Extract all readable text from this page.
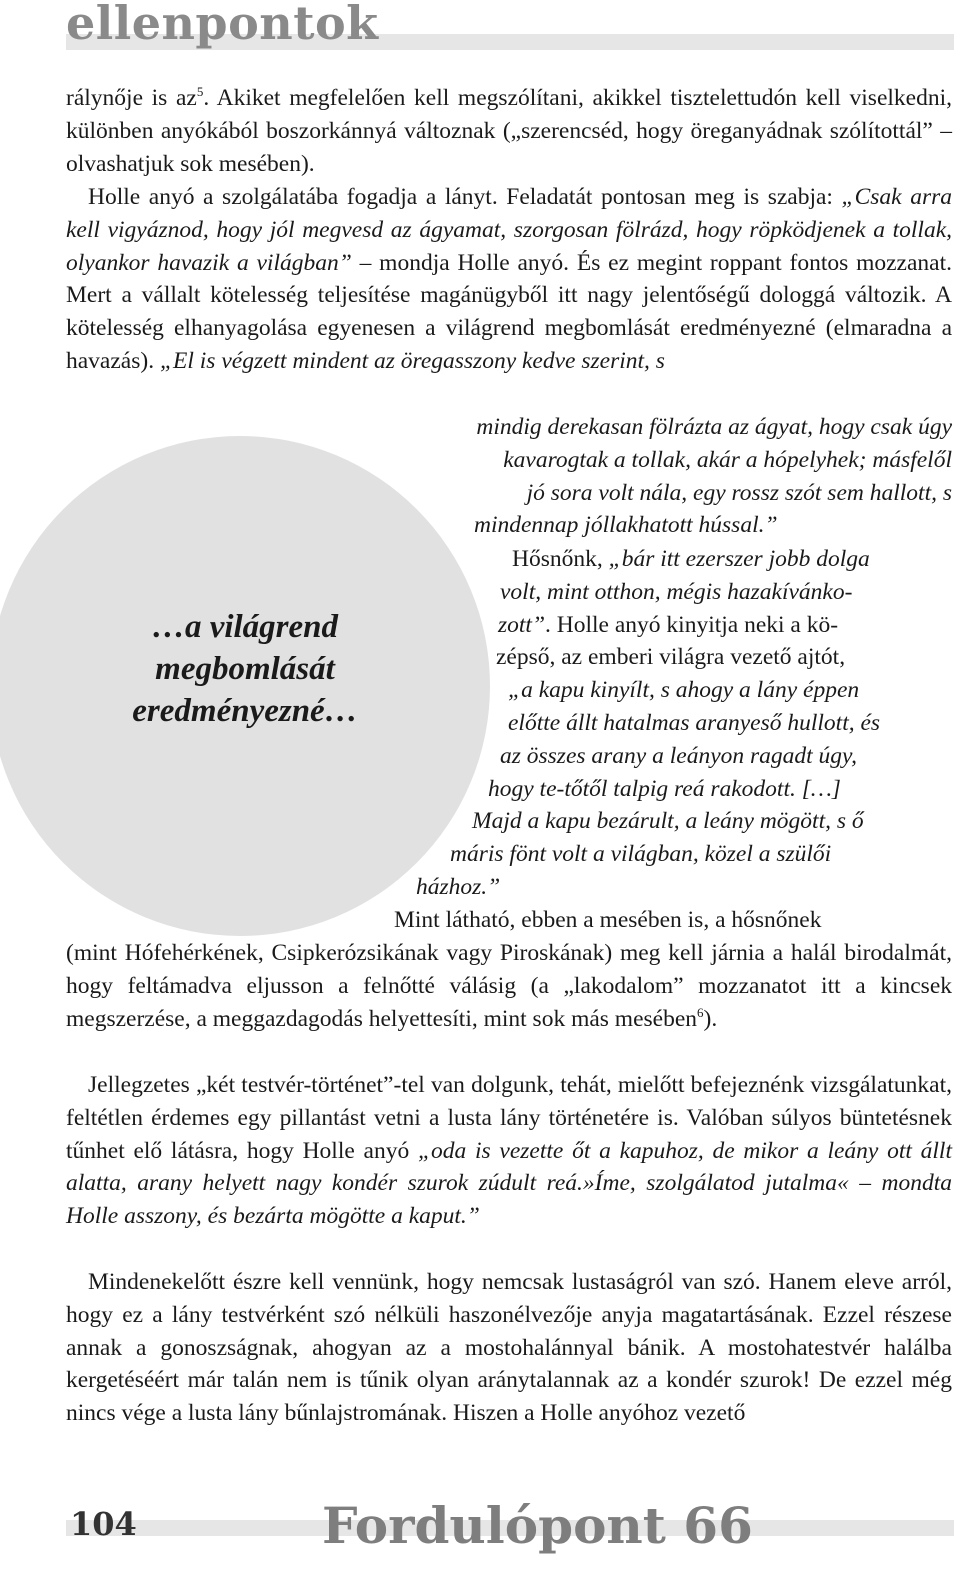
ellenpontok
…a világrend
megbomlását
eredményezné…

rálynője is $az^5$. Akiket megfelelően kell megszólítani, akikkel tisztelettudón kell viselkedni, különben anyókából boszorkánnyá változnak („szerencséd, hogy öreganyádnak szólítottál” – olvashatjuk sok mesében).

Holle anyó a szolgálatába fogadja a lányt. Feladatát pontosan meg is szabja: „Csak arra kell vigyáznod, hogy jól megvesd az ágyamat, szorgosan fölrázd, hogy röpködjenek a tollak, olyankor havazik a világban” – mondja Holle anyó. És ez megint roppant fontos mozzanat. Mert a vállalt kötelesség teljesítése magánügyből itt nagy jelentőségű dologgá változik. A kötelesség elhanyagolása egyenesen a világrend megbomlását eredményezné (elmaradna a havazás). „El is végzett mindent az öregasszony kedve szerint, s

mindig derekasan fölrázta az ágyat, hogy csak úgy
kavarogtak a tollak, akár a hópelyhek; másfelől
jó sora volt nála, egy rossz szót sem hallott, s
mindennap jóllakhatott hússal.”
Hősnőnk, „bár itt ezerszer jobb dolga
volt, mint otthon, mégis hazakívánko-
zott”. Holle anyó kinyitja neki a kö-
zépső, az emberi világra vezető ajtót,
„a kapu kinyílt, s ahogy a lány éppen
előtte állt hatalmas aranyeső hullott, és
az összes arany a leányon ragadt úgy,
hogy te-tőtől talpig reá rakodott. […]
Majd a kapu bezárult, a leány mögött, s ő
máris fönt volt a világban, közel a szülői
házhoz.”
Mint látható, ebben a mesében is, a hősnőnek

(mint Hófehérkének, Csipkerózsikának vagy Piroskának) meg kell járnia a halál birodalmát, hogy feltámadva eljusson a felnőtté válásig (a „lakodalom” mozzanatot itt a kincsek megszerzése, a meggazdagodás helyettesíti, mint sok más mesében$^6$).

Jellegzetes „két testvér-történet”-tel van dolgunk, tehát, mielőtt befejeznénk vizsgálatunkat, feltétlen érdemes egy pillantást vetni a lusta lány történetére is. Valóban súlyos büntetésnek tűnhet elő látásra, hogy Holle anyó „oda is vezette őt a kapuhoz, de mikor a leány ott állt alatta, arany helyett nagy kondér szurok zúdult reá.»Íme, szolgálatod jutalma« – mondta Holle asszony, és bezárta mögötte a kaput.”

Mindenekelőtt észre kell vennünk, hogy nemcsak lustaságról van szó. Hanem eleve arról, hogy ez a lány testvérként szó nélküli haszonélvezője anyja magatartásának. Ezzel részese annak a gonoszságnak, ahogyan az a mostohalánnyal bánik. A mostohatestvér halálba kergetéséért már talán nem is tűnik olyan aránytalannak az a kondér szurok! De ezzel még nincs vége a lusta lány bűnlajstromának. Hiszen a Holle anyóhoz vezető

104	Fordulópont 66
